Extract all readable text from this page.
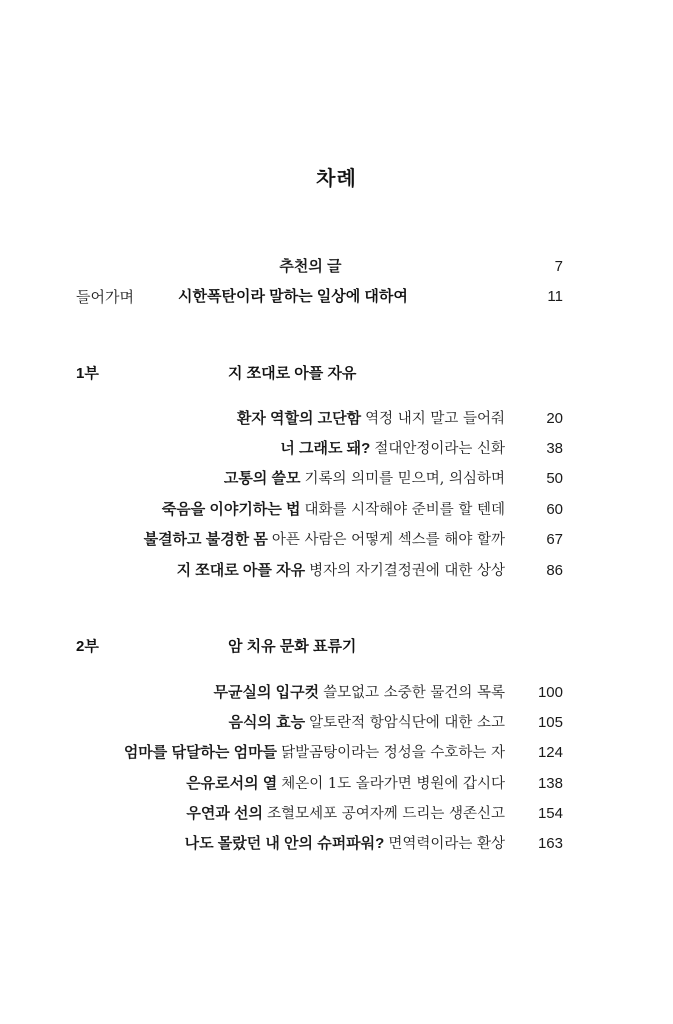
차례
추천의 글	7
들어가며	시한폭탄이라 말하는 일상에 대하여	11
1부	지 쪼대로 아플 자유
환자 역할의 고단함 역정 내지 말고 들어줘	20
너 그래도 돼? 절대안정이라는 신화	38
고통의 쓸모 기록의 의미를 믿으며, 의심하며	50
죽음을 이야기하는 법 대화를 시작해야 준비를 할 텐데	60
불결하고 불경한 몸 아픈 사람은 어떻게 섹스를 해야 할까	67
지 쪼대로 아플 자유 병자의 자기결정권에 대한 상상	86
2부	암 치유 문화 표류기
무균실의 입구컷 쓸모없고 소중한 물건의 목록 100
음식의 효능 알토란적 항암식단에 대한 소고 105
엄마를 닦달하는 엄마들 닭발곰탕이라는 정성을 수호하는 자 124
은유로서의 열 체온이 1도 올라가면 병원에 갑시다 138
우연과 선의 조혈모세포 공여자께 드리는 생존신고 154
나도 몰랐던 내 안의 슈퍼파워? 면역력이라는 환상 163
